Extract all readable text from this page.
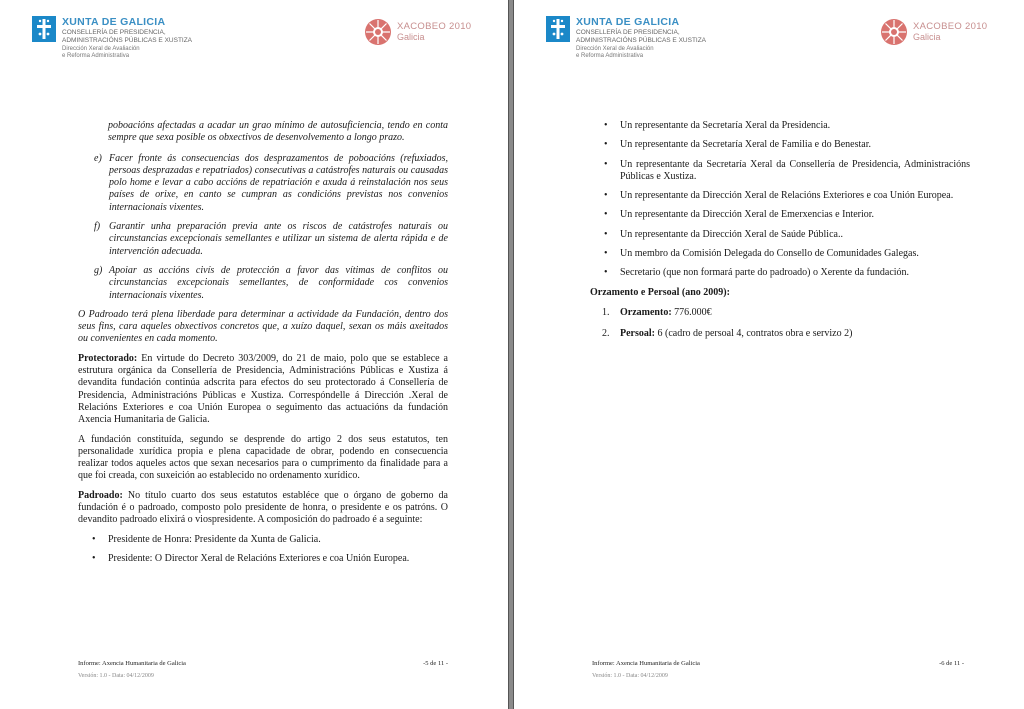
XUNTA DE GALICIA
CONSELLERÍA DE PRESIDENCIA,
ADMINISTRACIÓNS PÚBLICAS E XUSTIZA
Dirección Xeral de Avaliación
e Reforma Administrativa
XACOBEO 2010
Galicia

poboacións afectadas a acadar un grao mínimo de autosuficiencia, tendo en conta sempre que sexa posible os obxectivos de desenvolvemento a longo prazo.

e) Facer fronte ás consecuencias dos desprazamentos de poboacións (refuxiados, persoas desprazadas e repatriados) consecutivas a catástrofes naturais ou causadas polo home e levar a cabo accións de repatriación e axuda á reinstalación nos seus países de orixe, en canto se cumpran as condicións previstas nos convenios internacionais vixentes.
f) Garantir unha preparación previa ante os riscos de catástrofes naturais ou circunstancias excepcionais semellantes e utilizar un sistema de alerta rápida e de intervención adecuada.
g) Apoiar as accións civís de protección a favor das vítimas de conflitos ou circunstancias excepcionais semellantes, de conformidade cos convenios internacionais vixentes.

O Padroado terá plena liberdade para determinar a actividade da Fundación, dentro dos seus fins, cara aqueles obxectivos concretos que, a xuízo daquel, sexan os máis axeitados ou convenientes en cada momento.

Protectorado: En virtude do Decreto 303/2009, do 21 de maio, polo que se establece a estrutura orgánica da Consellería de Presidencia, Administracións Públicas e Xustiza á devandita fundación continúa adscrita para efectos do seu protectorado á Consellería de Presidencia, Administracións Públicas e Xustiza. Correspóndelle á Dirección .Xeral de Relacións Exteriores e coa Unión Europea o seguimento das actuacións da fundación Axencia Humanitaria de Galicia.

A fundación constituída, segundo se desprende do artigo 2 dos seus estatutos, ten personalidade xurídica propia e plena capacidade de obrar, podendo en consecuencia realizar todos aqueles actos que sexan necesarios para o cumprimento da finalidade para a que foi creada, con suxeición ao establecido no ordenamento xurídico.

Padroado: No título cuarto dos seus estatutos establéce que o órgano de goberno da fundación é o padroado, composto polo presidente de honra, o presidente e os patróns. O devandito padroado elixirá o viospresidente. A composición do padroado é a seguinte:

• Presidente de Honra: Presidente da Xunta de Galicia.
• Presidente: O Director Xeral de Relacións Exteriores e coa Unión Europea.
Informe: Axencia Humanitaria de Galicia	-5 de 11 -
Versión: 1.0 - Data: 04/12/2009
XUNTA DE GALICIA
CONSELLERÍA DE PRESIDENCIA,
ADMINISTRACIÓNS PÚBLICAS E XUSTIZA
Dirección Xeral de Avaliación
e Reforma Administrativa
XACOBEO 2010
Galicia
• Un representante da Secretaría Xeral da Presidencia.
• Un representante da Secretaría Xeral de Familia e do Benestar.
• Un representante da Secretaría Xeral da Consellería de Presidencia, Administracións Públicas e Xustiza.
• Un representante da Dirección Xeral de Relacións Exteriores e coa Unión Europea.
• Un representante da Dirección Xeral de Emerxencias e Interior.
• Un representante da Dirección Xeral de Saúde Pública..
• Un membro da Comisión Delegada do Consello de Comunidades Galegas.
• Secretario (que non formará parte do padroado) o Xerente da fundación.
Orzamento e Persoal (ano 2009):
1. Orzamento: 776.000€
2. Persoal: 6 (cadro de persoal 4, contratos obra e servizo 2)
Informe: Axencia Humanitaria de Galicia	-6 de 11 -
Versión: 1.0 - Data: 04/12/2009
